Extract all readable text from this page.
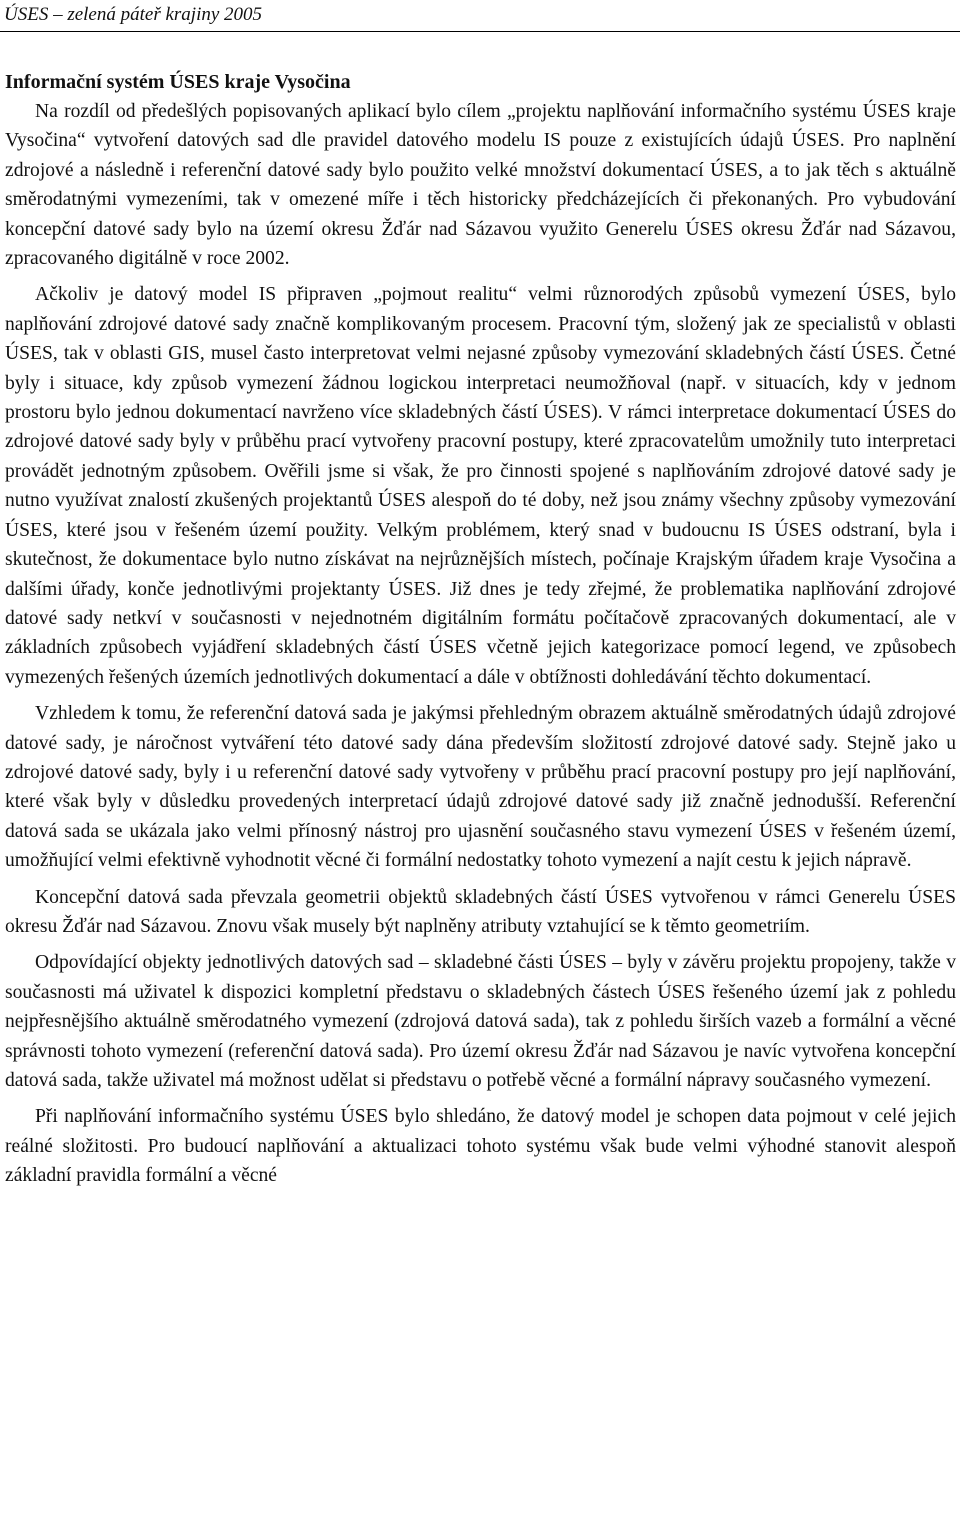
ÚSES – zelená páteř krajiny 2005
Informační systém ÚSES kraje Vysočina

Na rozdíl od předešlých popisovaných aplikací bylo cílem „projektu naplňování informačního systému ÚSES kraje Vysočina“ vytvoření datových sad dle pravidel datového modelu IS pouze z existujících údajů ÚSES. Pro naplnění zdrojové a následně i referenční datové sady bylo použito velké množství dokumentací ÚSES, a to jak těch s aktuálně směrodatnými vymezeními, tak v omezené míře i těch historicky předcházejících či překonaných. Pro vybudování koncepční datové sady bylo na území okresu Žďár nad Sázavou využito Generelu ÚSES okresu Žďár nad Sázavou, zpracovaného digitálně v roce 2002.

Ačkoliv je datový model IS připraven „pojmout realitu“ velmi různorodých způsobů vymezení ÚSES, bylo naplňování zdrojové datové sady značně komplikovaným procesem. Pracovní tým, složený jak ze specialistů v oblasti ÚSES, tak v oblasti GIS, musel často interpretovat velmi nejasné způsoby vymezování skladebných částí ÚSES. Četné byly i situace, kdy způsob vymezení žádnou logickou interpretaci neumožňoval (např. v situacích, kdy v jednom prostoru bylo jednou dokumentací navrženo více skladebných částí ÚSES). V rámci interpretace dokumentací ÚSES do zdrojové datové sady byly v průběhu prací vytvořeny pracovní postupy, které zpracovatelům umožnily tuto interpretaci provádět jednotným způsobem. Ověřili jsme si však, že pro činnosti spojené s naplňováním zdrojové datové sady je nutno využívat znalostí zkušených projektantů ÚSES alespoň do té doby, než jsou známy všechny způsoby vymezování ÚSES, které jsou v řešeném území použity. Velkým problémem, který snad v budoucnu IS ÚSES odstraní, byla i skutečnost, že dokumentace bylo nutno získávat na nejrůznějších místech, počínaje Krajským úřadem kraje Vysočina a dalšími úřady, konče jednotlivými projektanty ÚSES. Již dnes je tedy zřejmé, že problematika naplňování zdrojové datové sady netkví v současnosti v nejednotném digitálním formátu počítačově zpracovaných dokumentací, ale v základních způsobech vyjádření skladebných částí ÚSES včetně jejich kategorizace pomocí legend, ve způsobech vymezených řešených územích jednotlivých dokumentací a dále v obtížnosti dohledávání těchto dokumentací.

Vzhledem k tomu, že referenční datová sada je jakýmsi přehledným obrazem aktuálně směrodatných údajů zdrojové datové sady, je náročnost vytváření této datové sady dána především složitostí zdrojové datové sady. Stejně jako u zdrojové datové sady, byly i u referenční datové sady vytvořeny v průběhu prací pracovní postupy pro její naplňování, které však byly v důsledku provedených interpretací údajů zdrojové datové sady již značně jednodušší. Referenční datová sada se ukázala jako velmi přínosný nástroj pro ujasnění současného stavu vymezení ÚSES v řešeném území, umožňující velmi efektivně vyhodnotit věcné či formální nedostatky tohoto vymezení a najít cestu k jejich nápravě.

Koncepční datová sada převzala geometrii objektů skladebných částí ÚSES vytvořenou v rámci Generelu ÚSES okresu Žďár nad Sázavou. Znovu však musely být naplněny atributy vztahující se k těmto geometriím.

Odpovídající objekty jednotlivých datových sad – skladebné části ÚSES – byly v závěru projektu propojeny, takže v současnosti má uživatel k dispozici kompletní představu o skladebných částech ÚSES řešeného území jak z pohledu nejpřesnějšího aktuálně směrodatného vymezení (zdrojová datová sada), tak z pohledu širších vazeb a formální a věcné správnosti tohoto vymezení (referenční datová sada). Pro území okresu Žďár nad Sázavou je navíc vytvořena koncepční datová sada, takže uživatel má možnost udělat si představu o potřebě věcné a formální nápravy současného vymezení.

Při naplňování informačního systému ÚSES bylo shledáno, že datový model je schopen data pojmout v celé jejich reálné složitosti. Pro budoucí naplňování a aktualizaci tohoto systému však bude velmi výhodné stanovit alespoň základní pravidla formální a věcné
